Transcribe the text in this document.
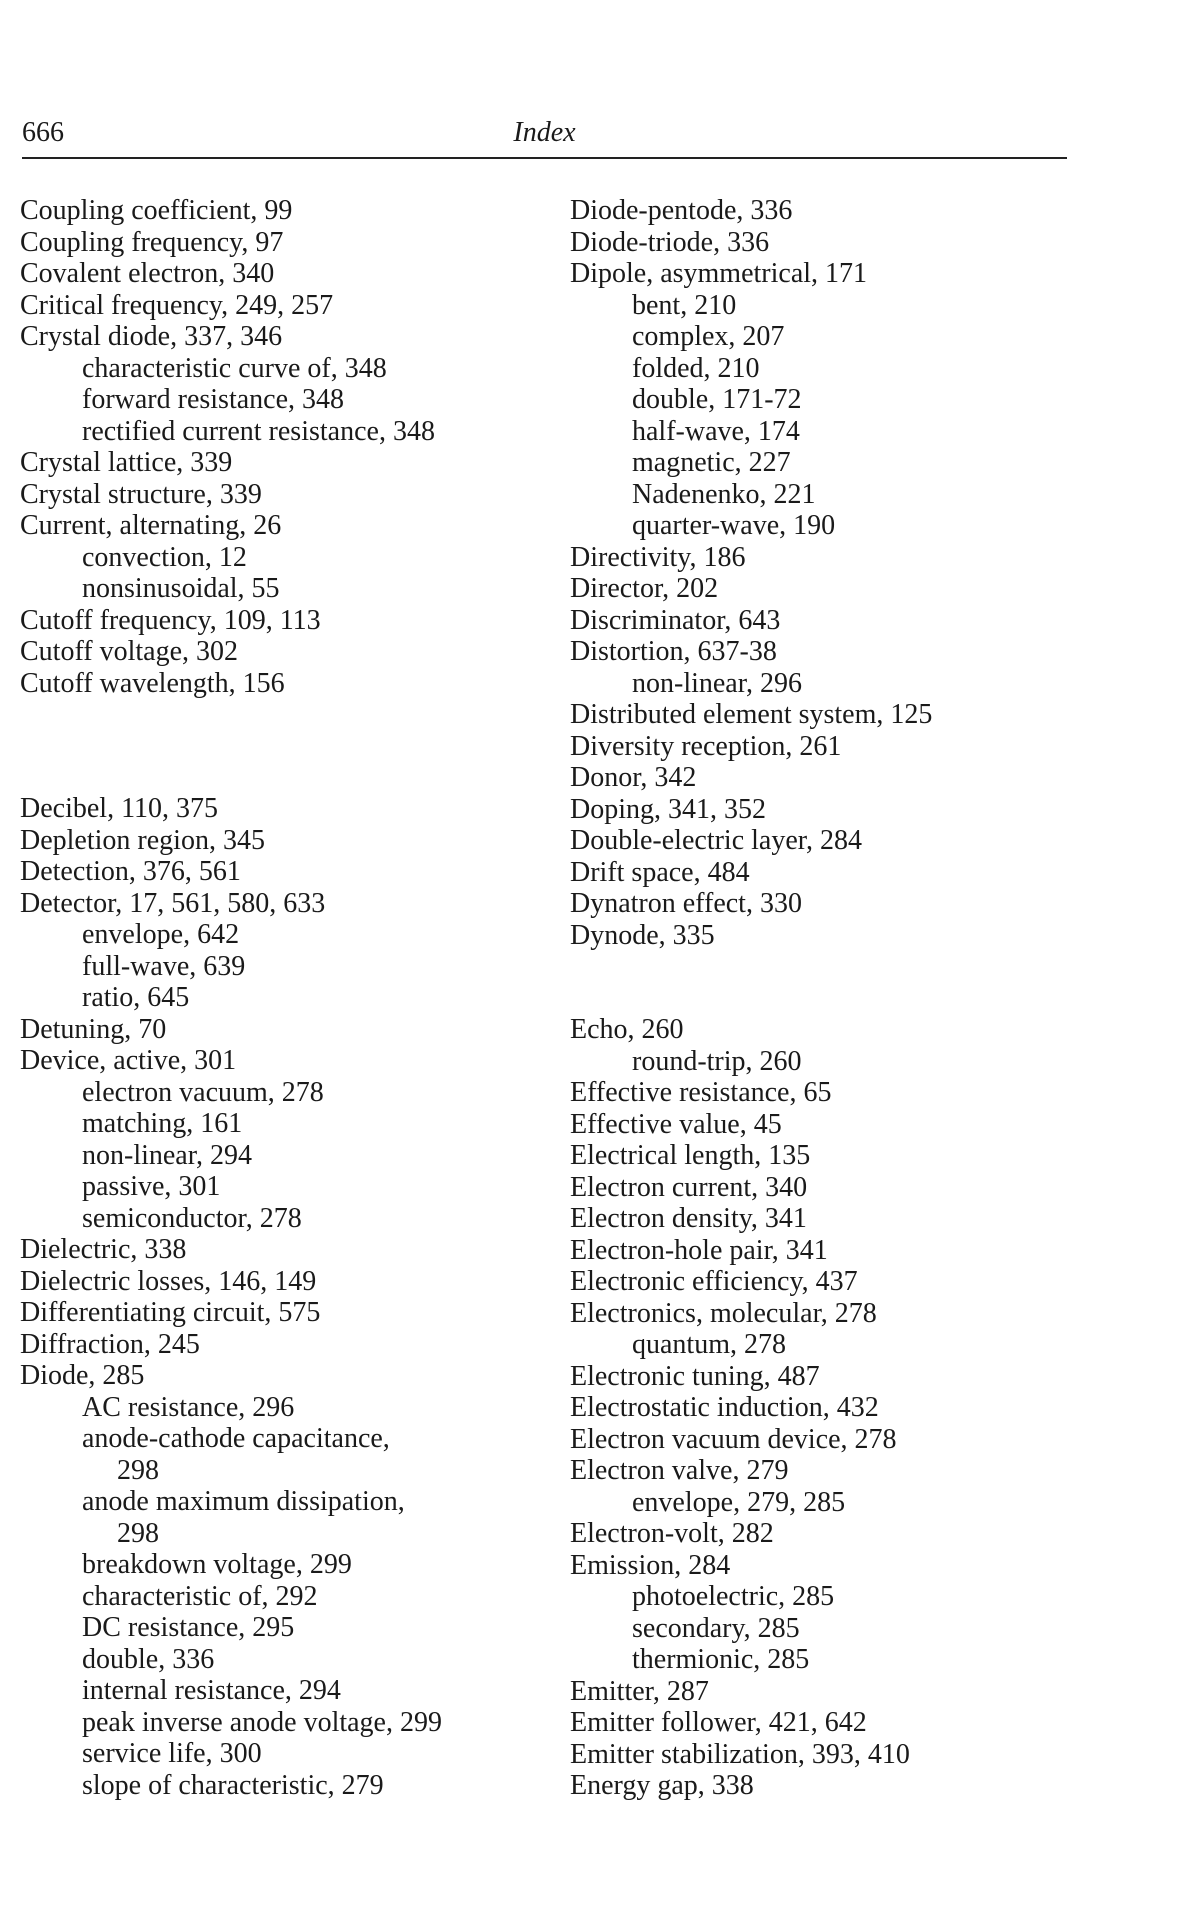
666	Index
Coupling coefficient, 99
Coupling frequency, 97
Covalent electron, 340
Critical frequency, 249, 257
Crystal diode, 337, 346
characteristic curve of, 348
forward resistance, 348
rectified current resistance, 348
Crystal lattice, 339
Crystal structure, 339
Current, alternating, 26
convection, 12
nonsinusoidal, 55
Cutoff frequency, 109, 113
Cutoff voltage, 302
Cutoff wavelength, 156
Decibel, 110, 375
Depletion region, 345
Detection, 376, 561
Detector, 17, 561, 580, 633
envelope, 642
full-wave, 639
ratio, 645
Detuning, 70
Device, active, 301
electron vacuum, 278
matching, 161
non-linear, 294
passive, 301
semiconductor, 278
Dielectric, 338
Dielectric losses, 146, 149
Differentiating circuit, 575
Diffraction, 245
Diode, 285
AC resistance, 296
anode-cathode capacitance,
298
anode maximum dissipation,
298
breakdown voltage, 299
characteristic of, 292
DC resistance, 295
double, 336
internal resistance, 294
peak inverse anode voltage, 299
service life, 300
slope of characteristic, 279
Diode-pentode, 336
Diode-triode, 336
Dipole, asymmetrical, 171
bent, 210
complex, 207
folded, 210
double, 171-72
half-wave, 174
magnetic, 227
Nadenenko, 221
quarter-wave, 190
Directivity, 186
Director, 202
Discriminator, 643
Distortion, 637-38
non-linear, 296
Distributed element system, 125
Diversity reception, 261
Donor, 342
Doping, 341, 352
Double-electric layer, 284
Drift space, 484
Dynatron effect, 330
Dynode, 335
Echo, 260
round-trip, 260
Effective resistance, 65
Effective value, 45
Electrical length, 135
Electron current, 340
Electron density, 341
Electron-hole pair, 341
Electronic efficiency, 437
Electronics, molecular, 278
quantum, 278
Electronic tuning, 487
Electrostatic induction, 432
Electron vacuum device, 278
Electron valve, 279
envelope, 279, 285
Electron-volt, 282
Emission, 284
photoelectric, 285
secondary, 285
thermionic, 285
Emitter, 287
Emitter follower, 421, 642
Emitter stabilization, 393, 410
Energy gap, 338
